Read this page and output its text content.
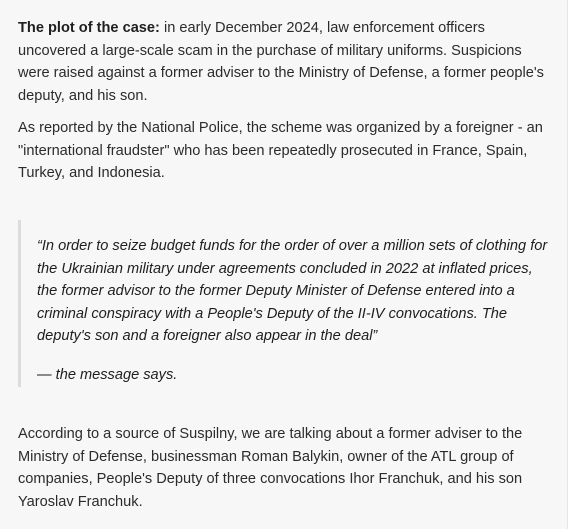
The plot of the case: in early December 2024, law enforcement officers uncovered a large-scale scam in the purchase of military uniforms. Suspicions were raised against a former adviser to the Ministry of Defense, a former people's deputy, and his son.

As reported by the National Police, the scheme was organized by a foreigner - an "international fraudster" who has been repeatedly prosecuted in France, Spain, Turkey, and Indonesia.

“In order to seize budget funds for the order of over a million sets of clothing for the Ukrainian military under agreements concluded in 2022 at inflated prices, the former advisor to the former Deputy Minister of Defense entered into a criminal conspiracy with a People's Deputy of the II-IV convocations. The deputy's son and a foreigner also appear in the deal”

— the message says.

According to a source of Suspilny, we are talking about a former adviser to the Ministry of Defense, businessman Roman Balykin, owner of the ATL group of companies, People's Deputy of three convocations Ihor Franchuk, and his son Yaroslav Franchuk.
